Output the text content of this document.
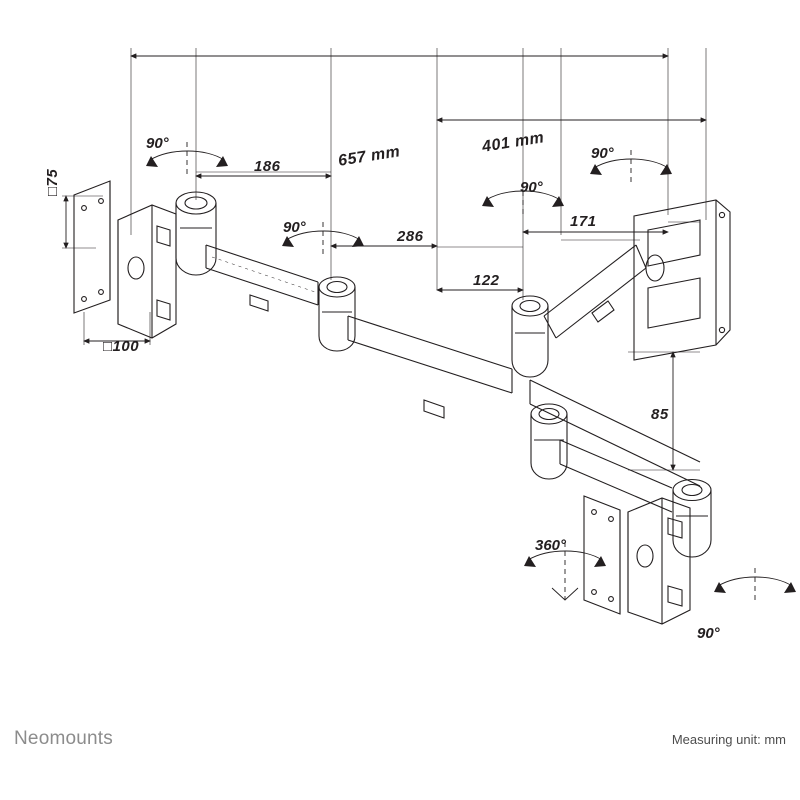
□75
□100
186	657 mm
401 mm
286
171
122
85
90°
90°
90°
90°
360°
90°
Neomounts	Measuring unit: mm
